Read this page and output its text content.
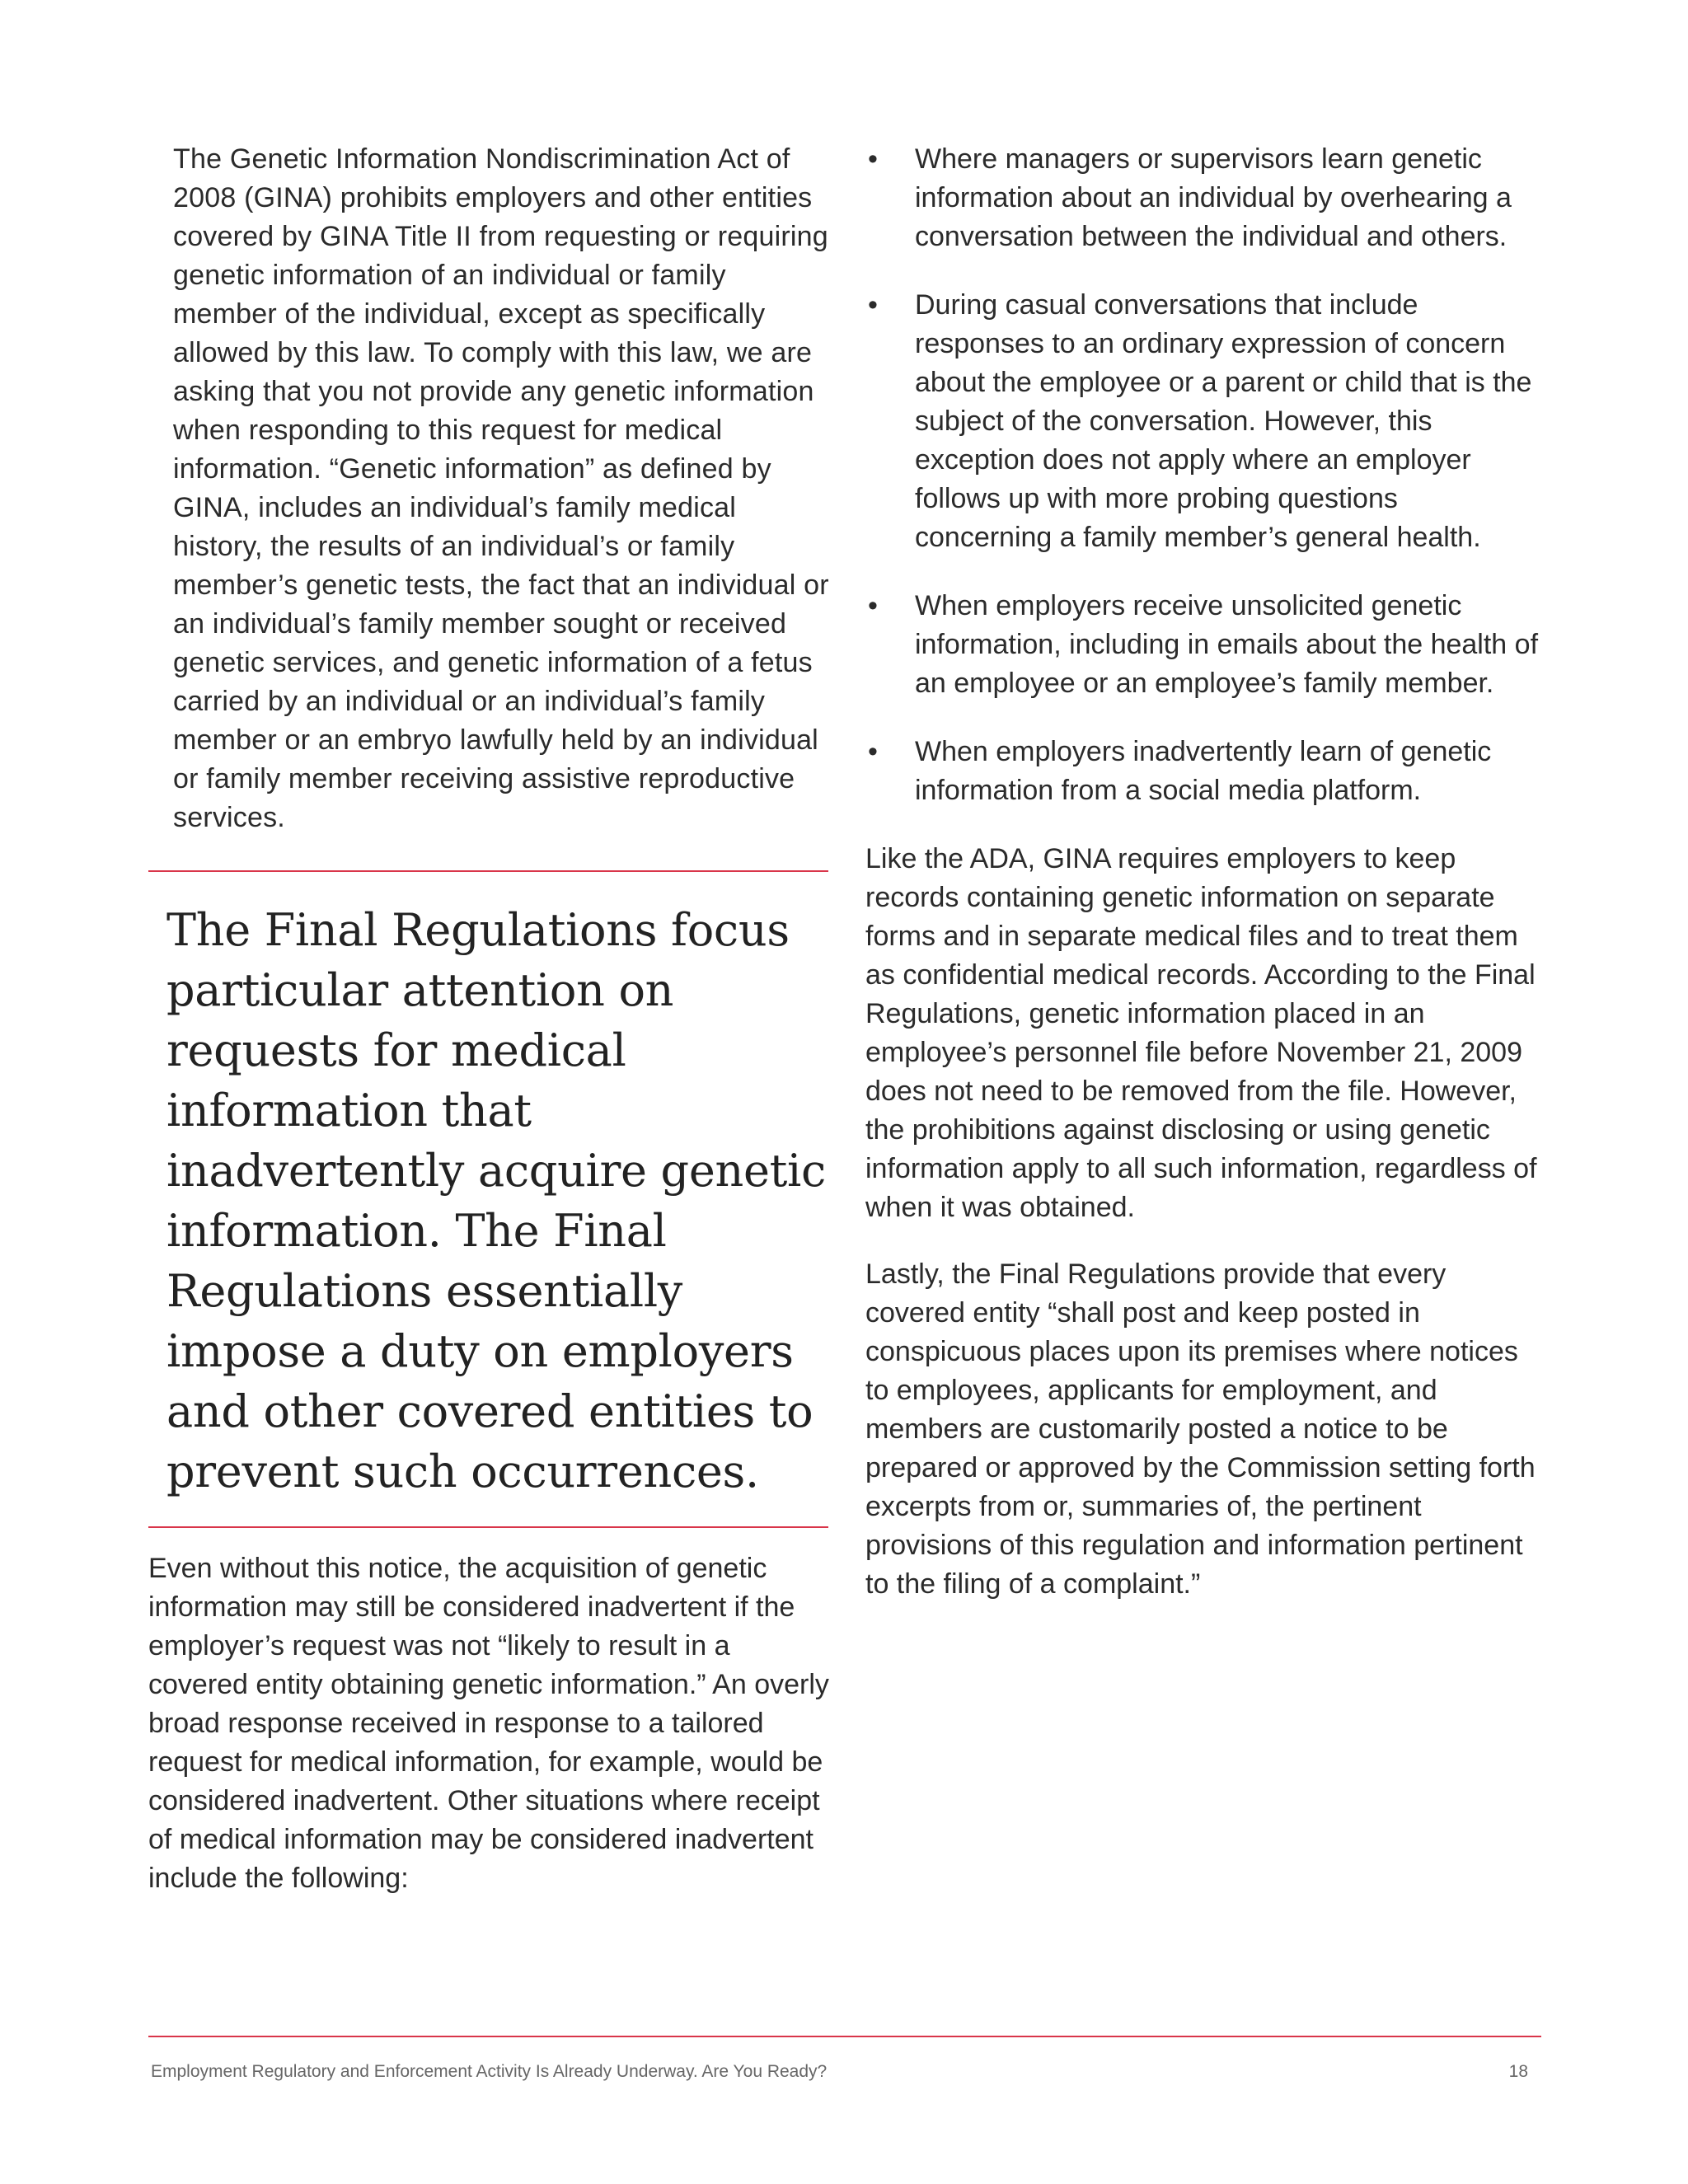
The Genetic Information Nondiscrimination Act of 2008 (GINA) prohibits employers and other entities covered by GINA Title II from requesting or requiring genetic information of an individual or family member of the individual, except as specifically allowed by this law. To comply with this law, we are asking that you not provide any genetic information when responding to this request for medical information. “Genetic information” as defined by GINA, includes an individual’s family medical history, the results of an individual’s or family member’s genetic tests, the fact that an individual or an individual’s family member sought or received genetic services, and genetic information of a fetus carried by an individual or an individual’s family member or an embryo lawfully held by an individual or family member receiving assistive reproductive services.

The Final Regulations focus particular attention on requests for medical information that inadvertently acquire genetic information. The Final Regulations essentially impose a duty on employers and other covered entities to prevent such occurrences.

Even without this notice, the acquisition of genetic information may still be considered inadvertent if the employer’s request was not “likely to result in a covered entity obtaining genetic information.” An overly broad response received in response to a tailored request for medical information, for example, would be considered inadvertent. Other situations where receipt of medical information may be considered inadvertent include the following:

• Where managers or supervisors learn genetic information about an individual by overhearing a conversation between the individual and others.
• During casual conversations that include responses to an ordinary expression of concern about the employee or a parent or child that is the subject of the conversation. However, this exception does not apply where an employer follows up with more probing questions concerning a family member’s general health.
• When employers receive unsolicited genetic information, including in emails about the health of an employee or an employee’s family member.
• When employers inadvertently learn of genetic information from a social media platform.

Like the ADA, GINA requires employers to keep records containing genetic information on separate forms and in separate medical files and to treat them as confidential medical records. According to the Final Regulations, genetic information placed in an employee’s personnel file before November 21, 2009 does not need to be removed from the file. However, the prohibitions against disclosing or using genetic information apply to all such information, regardless of when it was obtained.

Lastly, the Final Regulations provide that every covered entity “shall post and keep posted in conspicuous places upon its premises where notices to employees, applicants for employment, and members are customarily posted a notice to be prepared or approved by the Commission setting forth excerpts from or, summaries of, the pertinent provisions of this regulation and information pertinent to the filing of a complaint.”

Employment Regulatory and Enforcement Activity Is Already Underway. Are You Ready?	18
